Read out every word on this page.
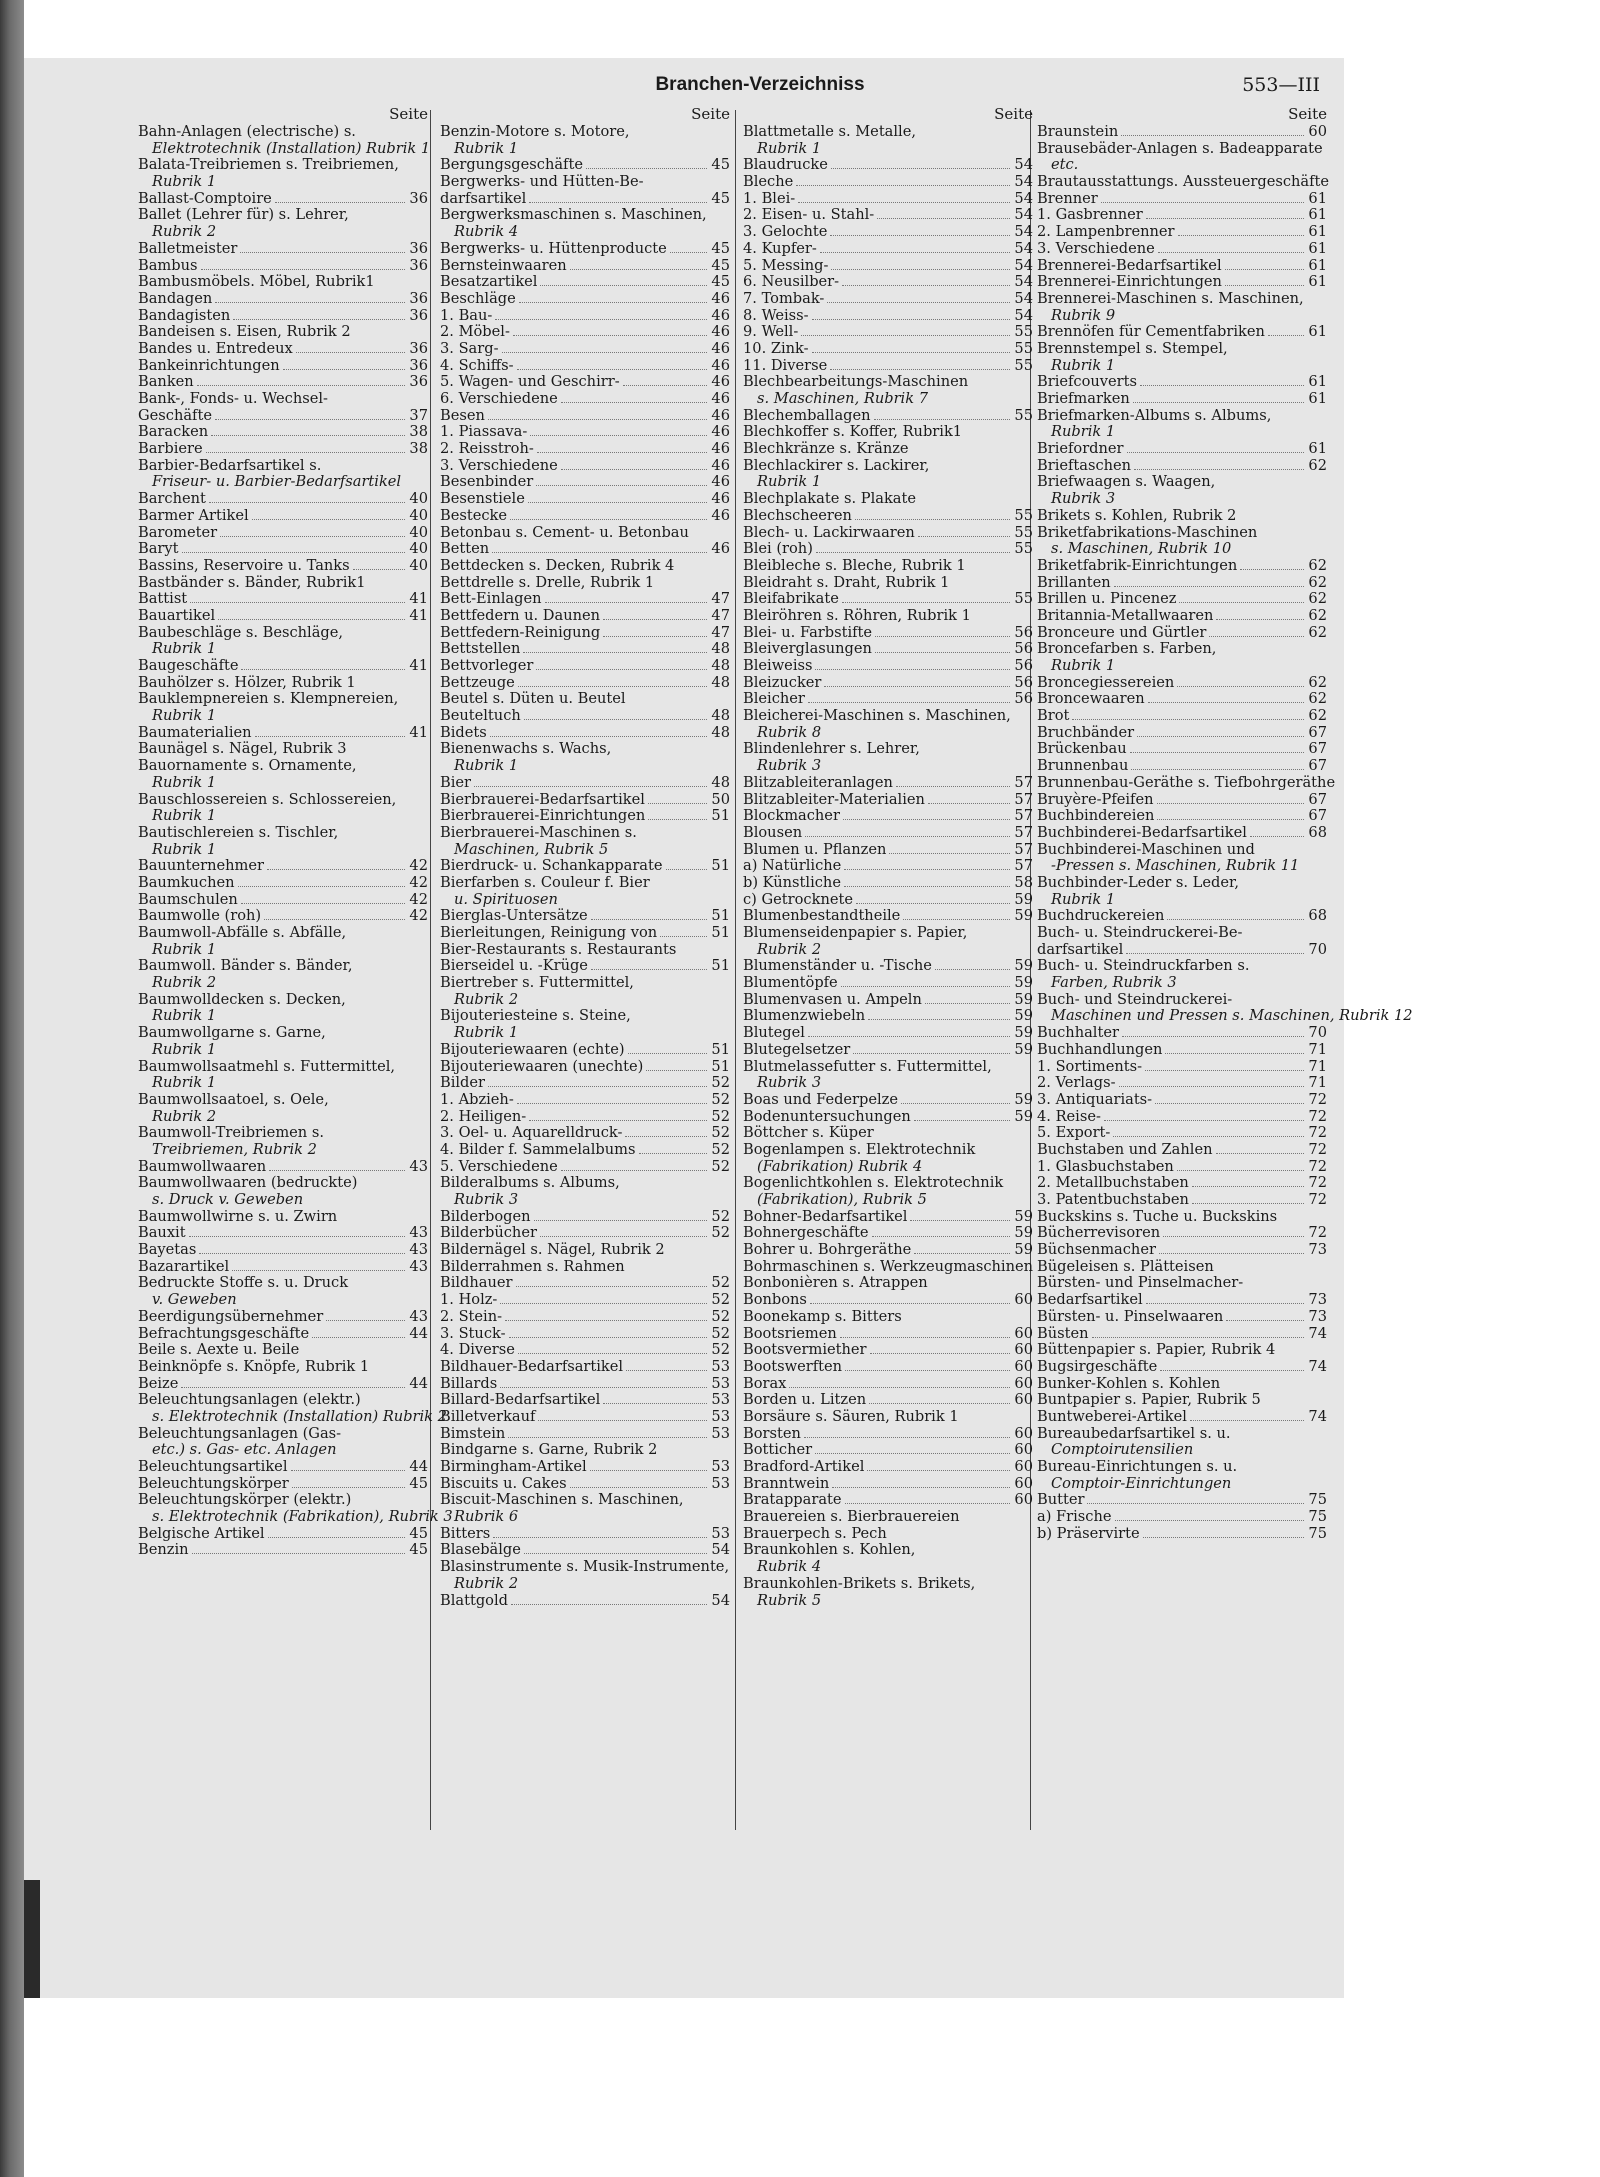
Branchen-Verzeichniss	553—III
Seite
Bahn-Anlagen (electrische) s.
Elektrotechnik (Installation) Rubrik 1
Balata-Treibriemen s. Treibriemen,
Rubrik 1
Ballast-Comptoire	36
Ballet (Lehrer für) s. Lehrer,
Rubrik 2
Balletmeister	36
Bambus	36
Bambusmöbels. Möbel, Rubrik1
Bandagen	36
Bandagisten	36
Bandeisen s. Eisen, Rubrik 2
Bandes u. Entredeux	36
Bankeinrichtungen	36
Banken	36
Bank-, Fonds- u. Wechsel-
Geschäfte	37
Baracken	38
Barbiere	38
Barbier-Bedarfsartikel s.
Friseur- u. Barbier-Bedarfsartikel
Barchent	40
Barmer Artikel	40
Barometer	40
Baryt	40
Bassins, Reservoire u. Tanks	40
Bastbänder s. Bänder, Rubrik1
Battist	41
Bauartikel	41
Baubeschläge s. Beschläge,
Rubrik 1
Baugeschäfte	41
Bauhölzer s. Hölzer, Rubrik 1
Bauklempnereien s. Klempnereien,
Rubrik 1
Baumaterialien	41
Baunägel s. Nägel, Rubrik 3
Bauornamente s. Ornamente,
Rubrik 1
Bauschlossereien s. Schlossereien,
Rubrik 1
Bautischlereien s. Tischler,
Rubrik 1
Bauunternehmer	42
Baumkuchen	42
Baumschulen	42
Baumwolle (roh)	42
Baumwoll-Abfälle s. Abfälle,
Rubrik 1
Baumwoll. Bänder s. Bänder,
Rubrik 2
Baumwolldecken s. Decken,
Rubrik 1
Baumwollgarne s. Garne,
Rubrik 1
Baumwollsaatmehl s. Futtermittel,
Rubrik 1
Baumwollsaatoel, s. Oele,
Rubrik 2
Baumwoll-Treibriemen s.
Treibriemen, Rubrik 2
Baumwollwaaren	43
Baumwollwaaren (bedruckte)
s. Druck v. Geweben
Baumwollwirne s. u. Zwirn
Bauxit	43
Bayetas	43
Bazarartikel	43
Bedruckte Stoffe s. u. Druck
v. Geweben
Beerdigungsübernehmer	43
Befrachtungsgeschäfte	44
Beile s. Aexte u. Beile
Beinknöpfe s. Knöpfe, Rubrik 1
Beize	44
Beleuchtungsanlagen (elektr.)
s. Elektrotechnik (Installation) Rubrik 2
Beleuchtungsanlagen (Gas-
etc.) s. Gas- etc. Anlagen
Beleuchtungsartikel	44
Beleuchtungskörper	45
Beleuchtungskörper (elektr.)
s. Elektrotechnik (Fabrikation), Rubrik 3
Belgische Artikel	45
Benzin	45
Seite
Benzin-Motore s. Motore,
Rubrik 1
Bergungsgeschäfte	45
Bergwerks- und Hütten-Be-
darfsartikel	45
Bergwerksmaschinen s. Maschinen,
Rubrik 4
Bergwerks- u. Hüttenproducte	45
Bernsteinwaaren	45
Besatzartikel	45
Beschläge	46
1. Bau-	46
2. Möbel-	46
3. Sarg-	46
4. Schiffs-	46
5. Wagen- und Geschirr-	46
6. Verschiedene	46
Besen	46
1. Piassava-	46
2. Reisstroh-	46
3. Verschiedene	46
Besenbinder	46
Besenstiele	46
Bestecke	46
Betonbau s. Cement- u. Betonbau
Betten	46
Bettdecken s. Decken, Rubrik 4
Bettdrelle s. Drelle, Rubrik 1
Bett-Einlagen	47
Bettfedern u. Daunen	47
Bettfedern-Reinigung	47
Bettstellen	48
Bettvorleger	48
Bettzeuge	48
Beutel s. Düten u. Beutel
Beuteltuch	48
Bidets	48
Bienenwachs s. Wachs,
Rubrik 1
Bier	48
Bierbrauerei-Bedarfsartikel	50
Bierbrauerei-Einrichtungen	51
Bierbrauerei-Maschinen s.
Maschinen, Rubrik 5
Bierdruck- u. Schankapparate	51
Bierfarben s. Couleur f. Bier
u. Spirituosen
Bierglas-Untersätze	51
Bierleitungen, Reinigung von	51
Bier-Restaurants s. Restaurants
Bierseidel u. -Krüge	51
Biertreber s. Futtermittel,
Rubrik 2
Bijouteriesteine s. Steine,
Rubrik 1
Bijouteriewaaren (echte)	51
Bijouteriewaaren (unechte)	51
Bilder	52
1. Abzieh-	52
2. Heiligen-	52
3. Oel- u. Aquarelldruck-	52
4. Bilder f. Sammelalbums	52
5. Verschiedene	52
Bilderalbums s. Albums,
Rubrik 3
Bilderbogen	52
Bilderbücher	52
Bildernägel s. Nägel, Rubrik 2
Bilderrahmen s. Rahmen
Bildhauer	52
1. Holz-	52
2. Stein-	52
3. Stuck-	52
4. Diverse	52
Bildhauer-Bedarfsartikel	53
Billards	53
Billard-Bedarfsartikel	53
Billetverkauf	53
Bimstein	53
Bindgarne s. Garne, Rubrik 2
Birmingham-Artikel	53
Biscuits u. Cakes	53
Biscuit-Maschinen s. Maschinen,
Rubrik 6
Bitters	53
Blasebälge	54
Blasinstrumente s. Musik-Instrumente,
Rubrik 2
Blattgold	54
Seite
Blattmetalle s. Metalle,
Rubrik 1
Blaudrucke	54
Bleche	54
1. Blei-	54
2. Eisen- u. Stahl-	54
3. Gelochte	54
4. Kupfer-	54
5. Messing-	54
6. Neusilber-	54
7. Tombak-	54
8. Weiss-	54
9. Well-	55
10. Zink-	55
11. Diverse	55
Blechbearbeitungs-Maschinen
s. Maschinen, Rubrik 7
Blechemballagen	55
Blechkoffer s. Koffer, Rubrik1
Blechkränze s. Kränze
Blechlackirer s. Lackirer,
Rubrik 1
Blechplakate s. Plakate
Blechscheeren	55
Blech- u. Lackirwaaren	55
Blei (roh)	55
Bleibleche s. Bleche, Rubrik 1
Bleidraht s. Draht, Rubrik 1
Bleifabrikate	55
Bleiröhren s. Röhren, Rubrik 1
Blei- u. Farbstifte	56
Bleiverglasungen	56
Bleiweiss	56
Bleizucker	56
Bleicher	56
Bleicherei-Maschinen s. Maschinen,
Rubrik 8
Blindenlehrer s. Lehrer,
Rubrik 3
Blitzableiteranlagen	57
Blitzableiter-Materialien	57
Blockmacher	57
Blousen	57
Blumen u. Pflanzen	57
a) Natürliche	57
b) Künstliche	58
c) Getrocknete	59
Blumenbestandtheile	59
Blumenseidenpapier s. Papier,
Rubrik 2
Blumenständer u. -Tische	59
Blumentöpfe	59
Blumenvasen u. Ampeln	59
Blumenzwiebeln	59
Blutegel	59
Blutegelsetzer	59
Blutmelassefutter s. Futtermittel,
Rubrik 3
Boas und Federpelze	59
Bodenuntersuchungen	59
Böttcher s. Küper
Bogenlampen s. Elektrotechnik
(Fabrikation) Rubrik 4
Bogenlichtkohlen s. Elektrotechnik
(Fabrikation), Rubrik 5
Bohner-Bedarfsartikel	59
Bohnergeschäfte	59
Bohrer u. Bohrgeräthe	59
Bohrmaschinen s. Werkzeugmaschinen
Bonbonièren s. Atrappen
Bonbons	60
Boonekamp s. Bitters
Bootsriemen	60
Bootsvermiether	60
Bootswerften	60
Borax	60
Borden u. Litzen	60
Borsäure s. Säuren, Rubrik 1
Borsten	60
Botticher	60
Bradford-Artikel	60
Branntwein	60
Bratapparate	60
Brauereien s. Bierbrauereien
Brauerpech s. Pech
Braunkohlen s. Kohlen,
Rubrik 4
Braunkohlen-Brikets s. Brikets,
Rubrik 5
Seite
Braunstein	60
Brausebäder-Anlagen s. Badeapparate
etc.
Brautausstattungs. Aussteuergeschäfte
Brenner	61
1. Gasbrenner	61
2. Lampenbrenner	61
3. Verschiedene	61
Brennerei-Bedarfsartikel	61
Brennerei-Einrichtungen	61
Brennerei-Maschinen s. Maschinen,
Rubrik 9
Brennöfen für Cementfabriken	61
Brennstempel s. Stempel,
Rubrik 1
Briefcouverts	61
Briefmarken	61
Briefmarken-Albums s. Albums,
Rubrik 1
Briefordner	61
Brieftaschen	62
Briefwaagen s. Waagen,
Rubrik 3
Brikets s. Kohlen, Rubrik 2
Briketfabrikations-Maschinen
s. Maschinen, Rubrik 10
Briketfabrik-Einrichtungen	62
Brillanten	62
Brillen u. Pincenez	62
Britannia-Metallwaaren	62
Bronceure und Gürtler	62
Broncefarben s. Farben,
Rubrik 1
Broncegiessereien	62
Broncewaaren	62
Brot	62
Bruchbänder	67
Brückenbau	67
Brunnenbau	67
Brunnenbau-Geräthe s. Tiefbohrgeräthe
Bruyère-Pfeifen	67
Buchbindereien	67
Buchbinderei-Bedarfsartikel	68
Buchbinderei-Maschinen und
-Pressen s. Maschinen, Rubrik 11
Buchbinder-Leder s. Leder,
Rubrik 1
Buchdruckereien	68
Buch- u. Steindruckerei-Be-
darfsartikel	70
Buch- u. Steindruckfarben s.
Farben, Rubrik 3
Buch- und Steindruckerei-
Maschinen und Pressen s. Maschinen, Rubrik 12
Buchhalter	70
Buchhandlungen	71
1. Sortiments-	71
2. Verlags-	71
3. Antiquariats-	72
4. Reise-	72
5. Export-	72
Buchstaben und Zahlen	72
1. Glasbuchstaben	72
2. Metallbuchstaben	72
3. Patentbuchstaben	72
Buckskins s. Tuche u. Buckskins
Bücherrevisoren	72
Büchsenmacher	73
Bügeleisen s. Plätteisen
Bürsten- und Pinselmacher-
Bedarfsartikel	73
Bürsten- u. Pinselwaaren	73
Büsten	74
Büttenpapier s. Papier, Rubrik 4
Bugsirgeschäfte	74
Bunker-Kohlen s. Kohlen
Buntpapier s. Papier, Rubrik 5
Buntweberei-Artikel	74
Bureaubedarfsartikel s. u.
Comptoirutensilien
Bureau-Einrichtungen s. u.
Comptoir-Einrichtungen
Butter	75
a) Frische	75
b) Präservirte	75
